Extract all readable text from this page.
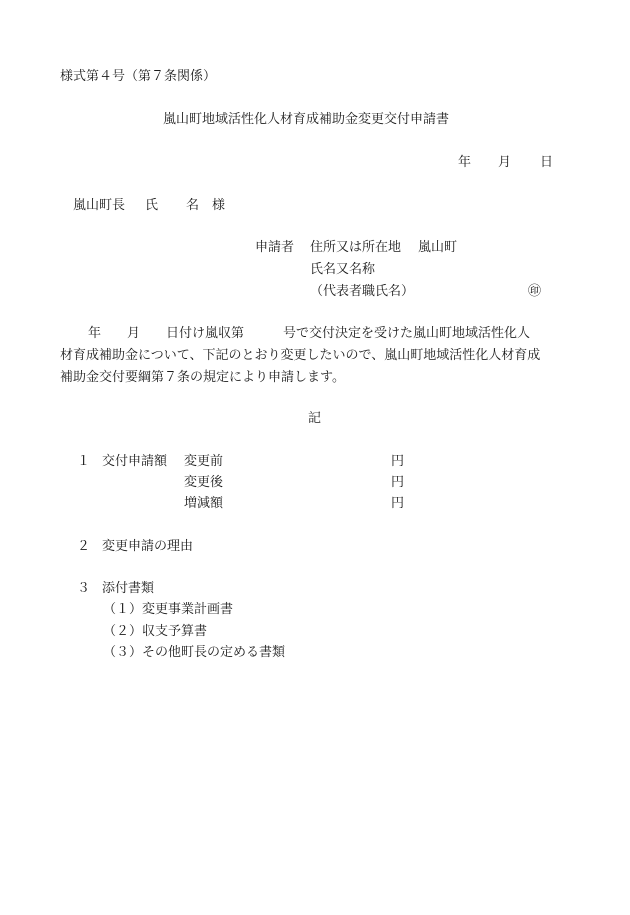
様式第４号（第７条関係）
嵐山町地域活性化人材育成補助金変更交付申請書
年 月 日
嵐山町長 氏 名 様
申請者 住所又は所在地 嵐山町
氏名又名称
（代表者職氏名）	㊞
年　　月　　日付け嵐収第　　　号で交付決定を受けた嵐山町地域活性化人
材育成補助金について、下記のとおり変更したいので、嵐山町地域活性化人材育成
補助金交付要綱第７条の規定により申請します。
記
１ 交付申請額 変更前	円
変更後	円
増減額	円
２ 変更申請の理由
３ 添付書類
（１）変更事業計画書
（２）収支予算書
（３）その他町長の定める書類
